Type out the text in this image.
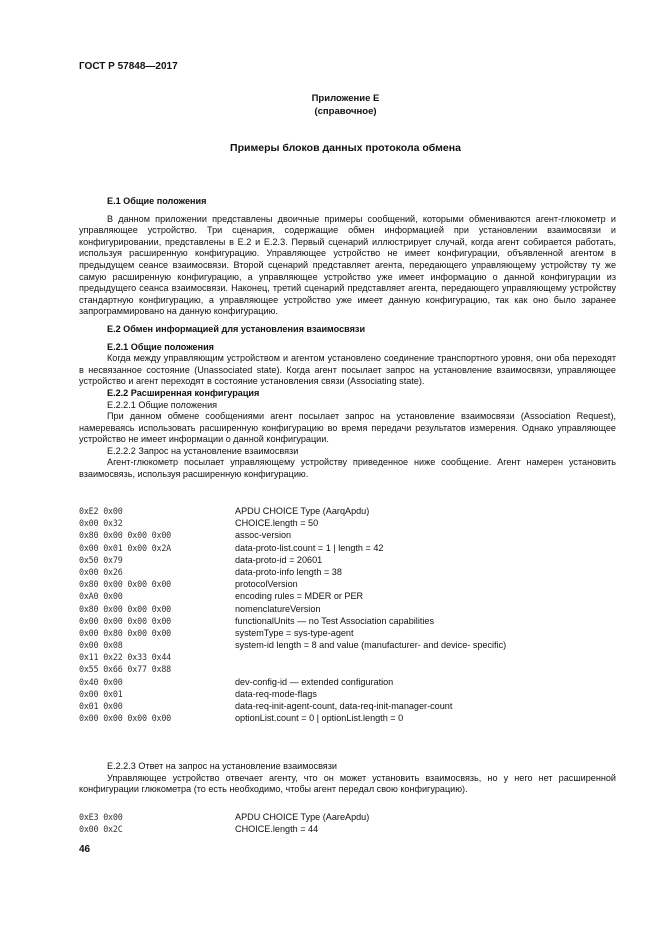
ГОСТ Р 57848—2017
Приложение Е
(справочное)
Примеры блоков данных протокола обмена

Е.1 Общие положения

В данном приложении представлены двоичные примеры сообщений, которыми обмениваются агент-глюкометр и управляющее устройство. Три сценария, содержащие обмен информацией при установлении взаимосвязи и конфигурировании, представлены в Е.2 и Е.2.3. Первый сценарий иллюстрирует случай, когда агент собирается работать, используя расширенную конфигурацию. Управляющее устройство не имеет конфигурации, объявленной агентом в предыдущем сеансе взаимосвязи. Второй сценарий представляет агента, передающего управляющему устройству ту же самую расширенную конфигурацию, а управляющее устройство уже имеет информацию о данной конфигурации из предыдущего сеанса взаимосвязи. Наконец, третий сценарий представляет агента, передающего управляющему устройству стандартную конфигурацию, а управляющее устройство уже имеет данную конфигурацию, так как оно было заранее запрограммировано на данную конфигурацию.

Е.2 Обмен информацией для установления взаимосвязи

Е.2.1 Общие положения

Когда между управляющим устройством и агентом установлено соединение транспортного уровня, они оба переходят в несвязанное состояние (Unassociated state). Когда агент посылает запрос на установление взаимосвязи, управляющее устройство и агент переходят в состояние установления связи (Associating state).

Е.2.2 Расширенная конфигурация

Е.2.2.1 Общие положения

При данном обмене сообщениями агент посылает запрос на установление взаимосвязи (Association Request), намереваясь использовать расширенную конфигурацию во время передачи результатов измерения. Однако управляющее устройство не имеет информации о данной конфигурации.

Е.2.2.2 Запрос на установление взаимосвязи

Агент-глюкометр посылает управляющему устройству приведенное ниже сообщение. Агент намерен установить взаимосвязь, используя расширенную конфигурацию.

0xE2 0x00	APDU CHOICE Type (AarqApdu)
0x00 0x32	CHOICE.length = 50
0x80 0x00 0x00 0x00	assoc-version
0x00 0x01 0x00 0x2A	data-proto-list.count = 1 | length = 42
0x50 0x79	data-proto-id = 20601
0x00 0x26	data-proto-info length = 38
0x80 0x00 0x00 0x00	protocolVersion
0xA0 0x00	encoding rules = MDER or PER
0x80 0x00 0x00 0x00	nomenclatureVersion
0x00 0x00 0x00 0x00	functionalUnits — no Test Association capabilities
0x00 0x80 0x00 0x00	systemType = sys-type-agent
0x00 0x08	system-id length = 8 and value (manufacturer- and device- specific)
0x11 0x22 0x33 0x44
0x55 0x66 0x77 0x88
0x40 0x00	dev-config-id — extended configuration
0x00 0x01	data-req-mode-flags
0x01 0x00	data-req-init-agent-count, data-req-init-manager-count
0x00 0x00 0x00 0x00	optionList.count = 0 | optionList.length = 0

Е.2.2.3 Ответ на запрос на установление взаимосвязи

Управляющее устройство отвечает агенту, что он может установить взаимосвязь, но у него нет расширенной конфигурации глюкометра (то есть необходимо, чтобы агент передал свою конфигурацию).

0xE3 0x00	APDU CHOICE Type (AareApdu)
0x00 0x2C	CHOICE.length = 44
46
